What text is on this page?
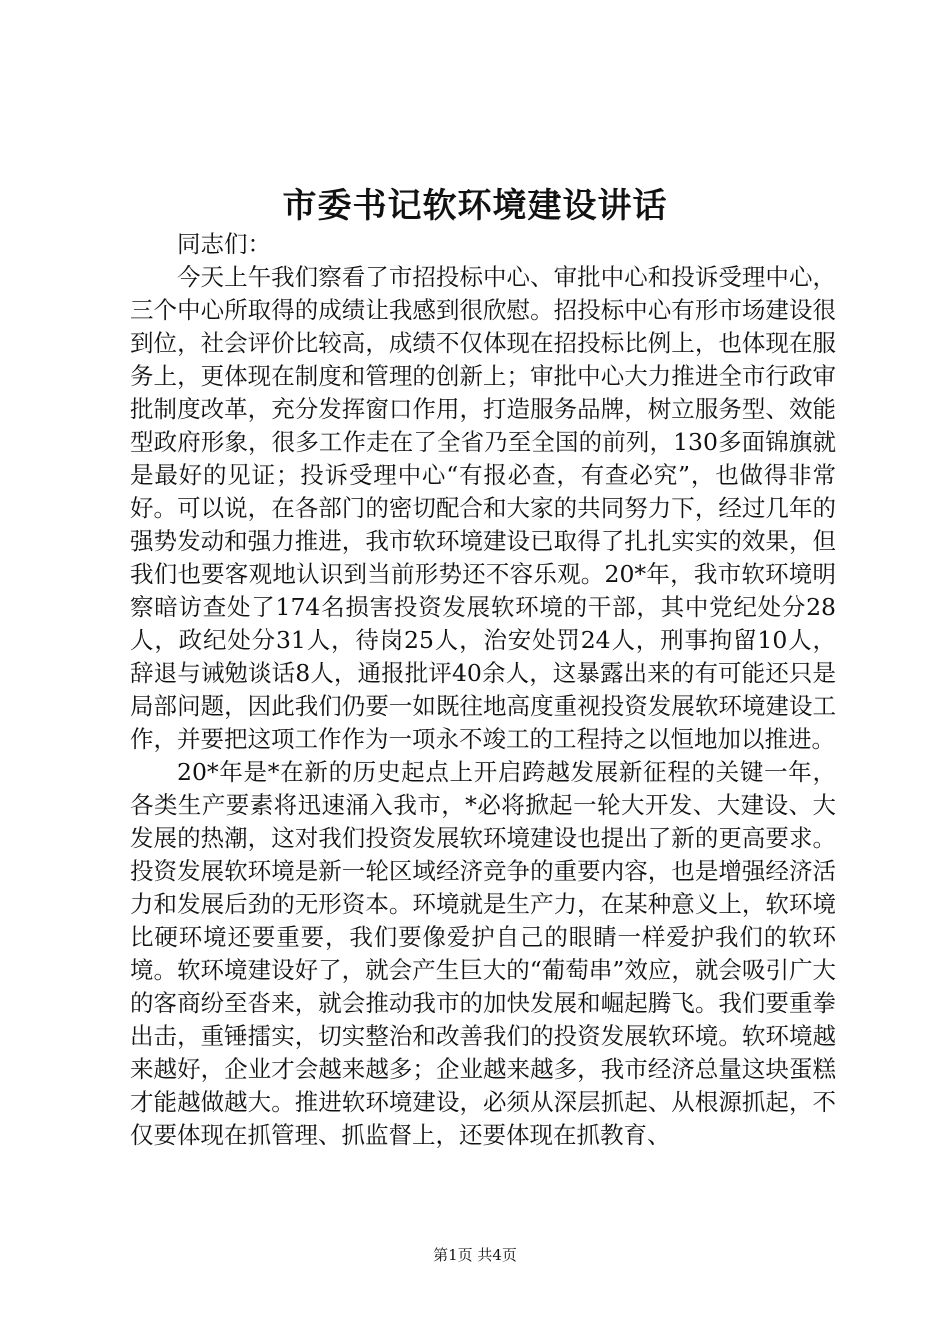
市委书记软环境建设讲话

同志们：

今天上午我们察看了市招投标中心、审批中心和投诉受理中心，三个中心所取得的成绩让我感到很欣慰。招投标中心有形市场建设很到位，社会评价比较高，成绩不仅体现在招投标比例上，也体现在服务上，更体现在制度和管理的创新上；审批中心大力推进全市行政审批制度改革，充分发挥窗口作用，打造服务品牌，树立服务型、效能型政府形象，很多工作走在了全省乃至全国的前列，130多面锦旗就是最好的见证；投诉受理中心“有报必查，有查必究”，也做得非常好。可以说，在各部门的密切配合和大家的共同努力下，经过几年的强势发动和强力推进，我市软环境建设已取得了扎扎实实的效果，但我们也要客观地认识到当前形势还不容乐观。20*年，我市软环境明察暗访查处了174名损害投资发展软环境的干部，其中党纪处分28人，政纪处分31人，待岗25人，治安处罚24人，刑事拘留10人，辞退与诫勉谈话8人，通报批评40余人，这暴露出来的有可能还只是局部问题，因此我们仍要一如既往地高度重视投资发展软环境建设工作，并要把这项工作作为一项永不竣工的工程持之以恒地加以推进。

20*年是*在新的历史起点上开启跨越发展新征程的关键一年，各类生产要素将迅速涌入我市，*必将掀起一轮大开发、大建设、大发展的热潮，这对我们投资发展软环境建设也提出了新的更高要求。投资发展软环境是新一轮区域经济竞争的重要内容，也是增强经济活力和发展后劲的无形资本。环境就是生产力，在某种意义上，软环境比硬环境还要重要，我们要像爱护自己的眼睛一样爱护我们的软环境。软环境建设好了，就会产生巨大的“葡萄串”效应，就会吸引广大的客商纷至沓来，就会推动我市的加快发展和崛起腾飞。我们要重拳出击，重锤擂实，切实整治和改善我们的投资发展软环境。软环境越来越好，企业才会越来越多；企业越来越多，我市经济总量这块蛋糕才能越做越大。推进软环境建设，必须从深层抓起、从根源抓起，不仅要体现在抓管理、抓监督上，还要体现在抓教育、

第1页 共4页
